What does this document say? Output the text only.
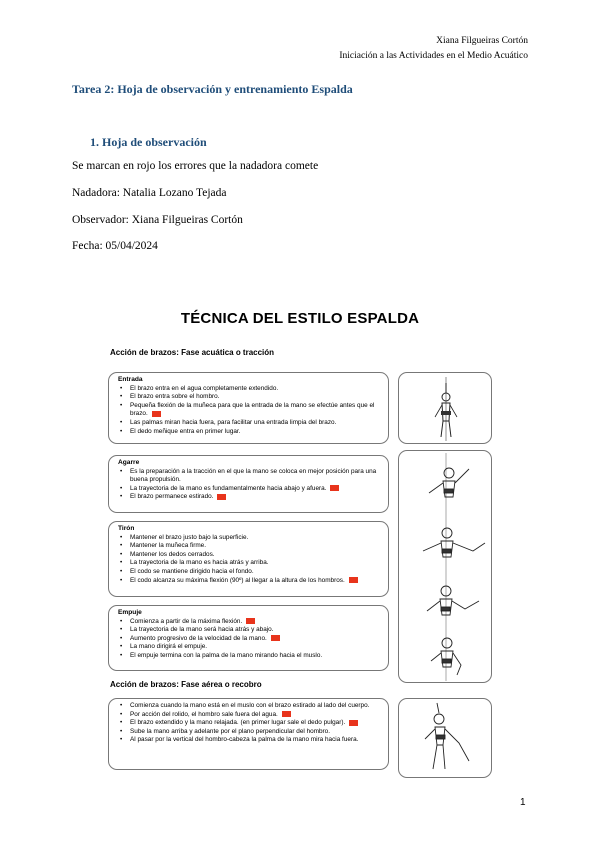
Xiana Filgueiras Cortón
Iniciación a las Actividades en el Medio Acuático
Tarea 2: Hoja de observación y entrenamiento Espalda
1. Hoja de observación
Se marcan en rojo los errores que la nadadora comete
Nadadora: Natalia Lozano Tejada
Observador: Xiana Filgueiras Cortón
Fecha: 05/04/2024
TÉCNICA DEL ESTILO ESPALDA
Acción de brazos: Fase acuática o tracción
Entrada
• El brazo entra en el agua completamente extendido.
• El brazo entra sobre el hombro.
• Pequeña flexión de la muñeca para que la entrada de la mano se efectúe antes que el brazo.
• Las palmas miran hacia fuera, para facilitar una entrada limpia del brazo.
• El dedo meñique entra en primer lugar.
Agarre
• Es la preparación a la tracción en el que la mano se coloca en mejor posición para una buena propulsión.
• La trayectoria de la mano es fundamentalmente hacia abajo y afuera.
• El brazo permanece estirado.
Tirón
• Mantener el brazo justo bajo la superficie.
• Mantener la muñeca firme.
• Mantener los dedos cerrados.
• La trayectoria de la mano es hacia atrás y arriba.
• El codo se mantiene dirigido hacia el fondo.
• El codo alcanza su máxima flexión (90º) al llegar a la altura de los hombros.
Empuje
• Comienza a partir de la máxima flexión.
• La trayectoria de la mano será hacia atrás y abajo.
• Aumento progresivo de la velocidad de la mano.
• La mano dirigirá el empuje.
• El empuje termina con la palma de la mano mirando hacia el muslo.
Acción de brazos: Fase aérea o recobro
• Comienza cuando la mano está en el muslo con el brazo estirado al lado del cuerpo.
• Por acción del rolido, el hombro sale fuera del agua.
• El brazo extendido y la mano relajada. (en primer lugar sale el dedo pulgar).
• Sube la mano arriba y adelante por el plano perpendicular del hombro.
• Al pasar por la vertical del hombro-cabeza la palma de la mano mira hacia fuera.
1
